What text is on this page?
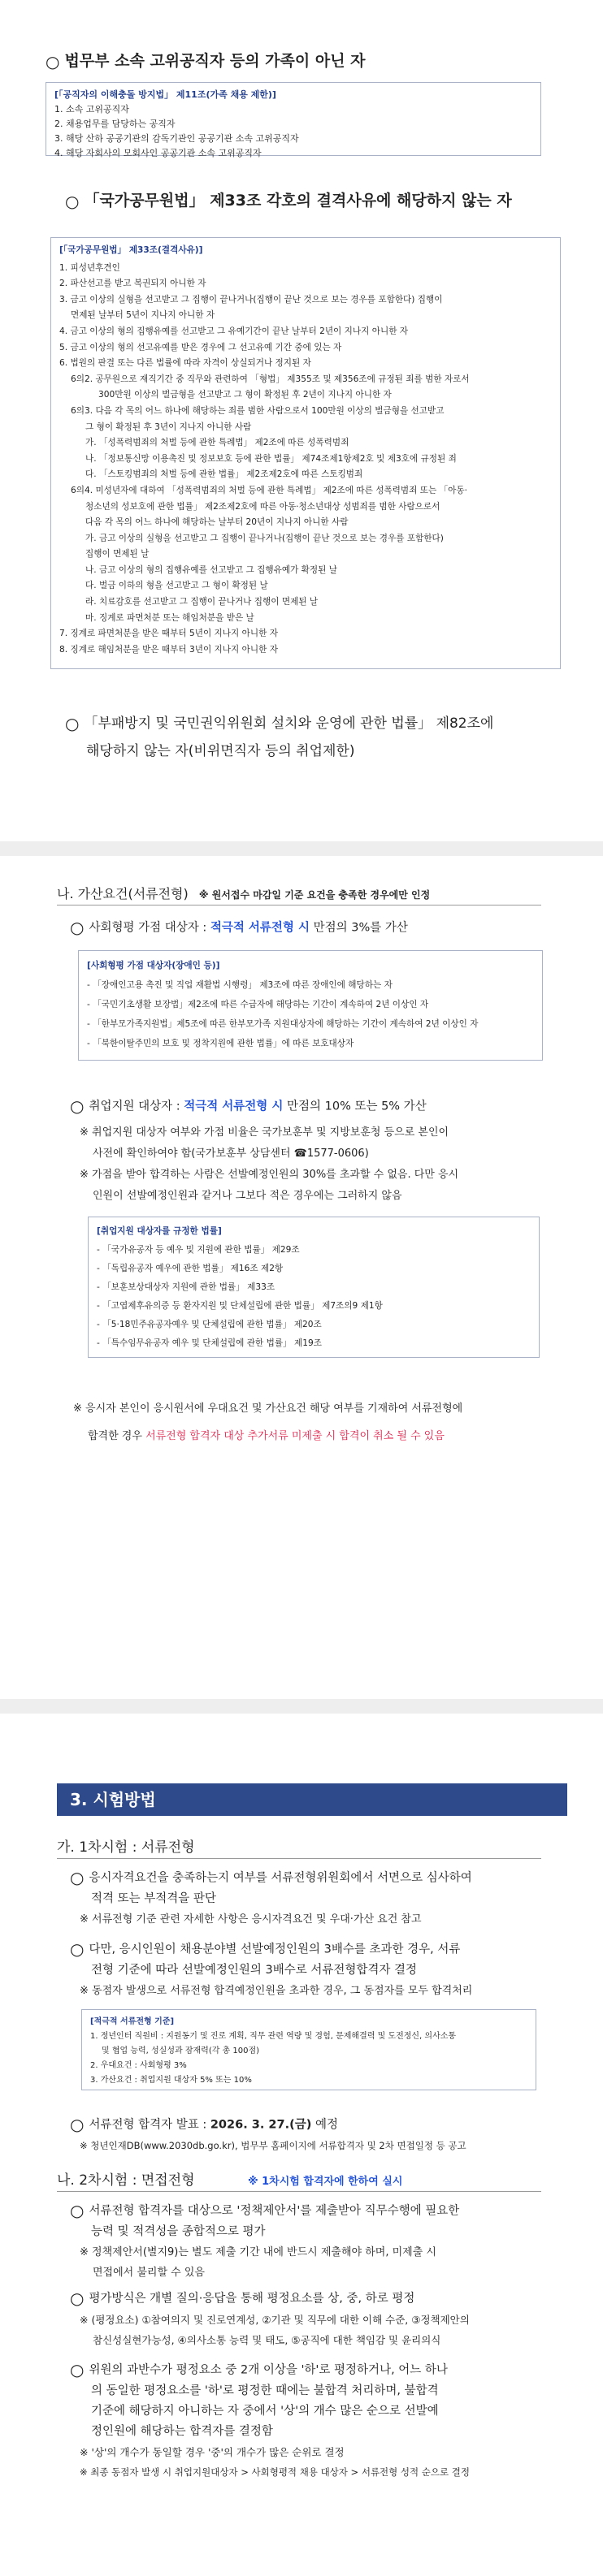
○ 법무부 소속 고위공직자 등의 가족이 아닌 자
[「공직자의 이해충돌 방지법」 제11조(가족 채용 제한)]
1. 소속 고위공직자
2. 채용업무를 담당하는 공직자
3. 해당 산하 공공기관의 감독기관인 공공기관 소속 고위공직자
4. 해당 자회사의 모회사인 공공기관 소속 고위공직자
○ 「국가공무원법」 제33조 각호의 결격사유에 해당하지 않는 자
[「국가공무원법」 제33조(결격사유)]
1. 피성년후견인
2. 파산선고를 받고 복권되지 아니한 자
3. 금고 이상의 실형을 선고받고 그 집행이 끝나거나(집행이 끝난 것으로 보는 경우를 포함한다) 집행이
면제된 날부터 5년이 지나지 아니한 자
4. 금고 이상의 형의 집행유예를 선고받고 그 유예기간이 끝난 날부터 2년이 지나지 아니한 자
5. 금고 이상의 형의 선고유예를 받은 경우에 그 선고유예 기간 중에 있는 자
6. 법원의 판결 또는 다른 법률에 따라 자격이 상실되거나 정지된 자
6의2. 공무원으로 재직기간 중 직무와 관련하여 「형법」 제355조 및 제356조에 규정된 죄를 범한 자로서
300만원 이상의 벌금형을 선고받고 그 형이 확정된 후 2년이 지나지 아니한 자
6의3. 다음 각 목의 어느 하나에 해당하는 죄를 범한 사람으로서 100만원 이상의 벌금형을 선고받고
그 형이 확정된 후 3년이 지나지 아니한 사람
가. 「성폭력범죄의 처벌 등에 관한 특례법」 제2조에 따른 성폭력범죄
나. 「정보통신망 이용촉진 및 정보보호 등에 관한 법률」 제74조제1항제2호 및 제3호에 규정된 죄
다. 「스토킹범죄의 처벌 등에 관한 법률」 제2조제2호에 따른 스토킹범죄
6의4. 미성년자에 대하여 「성폭력범죄의 처벌 등에 관한 특례법」 제2조에 따른 성폭력범죄 또는 「아동·
청소년의 성보호에 관한 법률」 제2조제2호에 따른 아동·청소년대상 성범죄를 범한 사람으로서
다음 각 목의 어느 하나에 해당하는 날부터 20년이 지나지 아니한 사람
가. 금고 이상의 실형을 선고받고 그 집행이 끝나거나(집행이 끝난 것으로 보는 경우를 포함한다)
집행이 면제된 날
나. 금고 이상의 형의 집행유예를 선고받고 그 집행유예가 확정된 날
다. 벌금 이하의 형을 선고받고 그 형이 확정된 날
라. 치료감호를 선고받고 그 집행이 끝나거나 집행이 면제된 날
마. 징계로 파면처분 또는 해임처분을 받은 날
7. 징계로 파면처분을 받은 때부터 5년이 지나지 아니한 자
8. 징계로 해임처분을 받은 때부터 3년이 지나지 아니한 자
○ 「부패방지 및 국민권익위원회 설치와 운영에 관한 법률」 제82조에
해당하지 않는 자(비위면직자 등의 취업제한)
나. 가산요건(서류전형) ※ 원서접수 마감일 기준 요건을 충족한 경우에만 인정
○ 사회형평 가점 대상자 : 적극적 서류전형 시 만점의 3%를 가산
[사회형평 가점 대상자(장애인 등)]
- 「장애인고용 촉진 및 직업 재활법 시행령」 제3조에 따른 장애인에 해당하는 자
- 「국민기초생활 보장법」제2조에 따른 수급자에 해당하는 기간이 계속하여 2년 이상인 자
- 「한부모가족지원법」제5조에 따른 한부모가족 지원대상자에 해당하는 기간이 계속하여 2년 이상인 자
- 「북한이탈주민의 보호 및 정착지원에 관한 법률」에 따른 보호대상자
○ 취업지원 대상자 : 적극적 서류전형 시 만점의 10% 또는 5% 가산
※ 취업지원 대상자 여부와 가점 비율은 국가보훈부 및 지방보훈청 등으로 본인이
사전에 확인하여야 함(국가보훈부 상담센터 ☎1577-0606)
※ 가점을 받아 합격하는 사람은 선발예정인원의 30%를 초과할 수 없음. 다만 응시
인원이 선발예정인원과 같거나 그보다 적은 경우에는 그러하지 않음
[취업지원 대상자를 규정한 법률]
- 「국가유공자 등 예우 및 지원에 관한 법률」 제29조
- 「독립유공자 예우에 관한 법률」 제16조 제2항
- 「보훈보상대상자 지원에 관한 법률」 제33조
- 「고엽제후유의증 등 환자지원 및 단체설립에 관한 법률」 제7조의9 제1항
- 「5·18민주유공자예우 및 단체설립에 관한 법률」 제20조
- 「특수임무유공자 예우 및 단체설립에 관한 법률」 제19조
※ 응시자 본인이 응시원서에 우대요건 및 가산요건 해당 여부를 기재하여 서류전형에
합격한 경우 서류전형 합격자 대상 추가서류 미제출 시 합격이 취소 될 수 있음
3. 시험방법
가. 1차시험 : 서류전형
○ 응시자격요건을 충족하는지 여부를 서류전형위원회에서 서면으로 심사하여
적격 또는 부적격을 판단
※ 서류전형 기준 관련 자세한 사항은 응시자격요건 및 우대·가산 요건 참고
○ 다만, 응시인원이 채용분야별 선발예정인원의 3배수를 초과한 경우, 서류
전형 기준에 따라 선발예정인원의 3배수로 서류전형합격자 결정
※ 동점자 발생으로 서류전형 합격예정인원을 초과한 경우, 그 동점자를 모두 합격처리
[적극적 서류전형 기준]
1. 정년인터 직원비 : 지원동기 및 진로 계획, 직무 관련 역량 및 경험, 문제해결력 및 도전정신, 의사소통
및 협업 능력, 성실성과 잠재력(각 총 100점)
2. 우대요건 : 사회형평 3%
3. 가산요건 : 취업지원 대상자 5% 또는 10%
○ 서류전형 합격자 발표 : 2026. 3. 27.(금) 예정
※ 청년인재DB(www.2030db.go.kr), 법무부 홈페이지에 서류합격자 및 2차 면접일정 등 공고
나. 2차시험 : 면접전형	※ 1차시험 합격자에 한하여 실시
○ 서류전형 합격자를 대상으로 '정책제안서'를 제출받아 직무수행에 필요한
능력 및 적격성을 종합적으로 평가
※ 정책제안서(별지9)는 별도 제출 기간 내에 반드시 제출해야 하며, 미제출 시
면접에서 불리할 수 있음
○ 평가방식은 개별 질의·응답을 통해 평정요소를 상, 중, 하로 평정
※ (평정요소) ①참여의지 및 진로연계성, ②기관 및 직무에 대한 이해 수준, ③정책제안의
참신성실현가능성, ④의사소통 능력 및 태도, ⑤공직에 대한 책임감 및 윤리의식
○ 위원의 과반수가 평정요소 중 2개 이상을 '하'로 평정하거나, 어느 하나
의 동일한 평정요소를 '하'로 평정한 때에는 불합격 처리하며, 불합격
기준에 해당하지 아니하는 자 중에서 '상'의 개수 많은 순으로 선발예
정인원에 해당하는 합격자를 결정함
※ '상'의 개수가 동일할 경우 '중'의 개수가 많은 순위로 결정
※ 최종 동점자 발생 시 취업지원대상자 > 사회형평적 채용 대상자 > 서류전형 성적 순으로 결정
